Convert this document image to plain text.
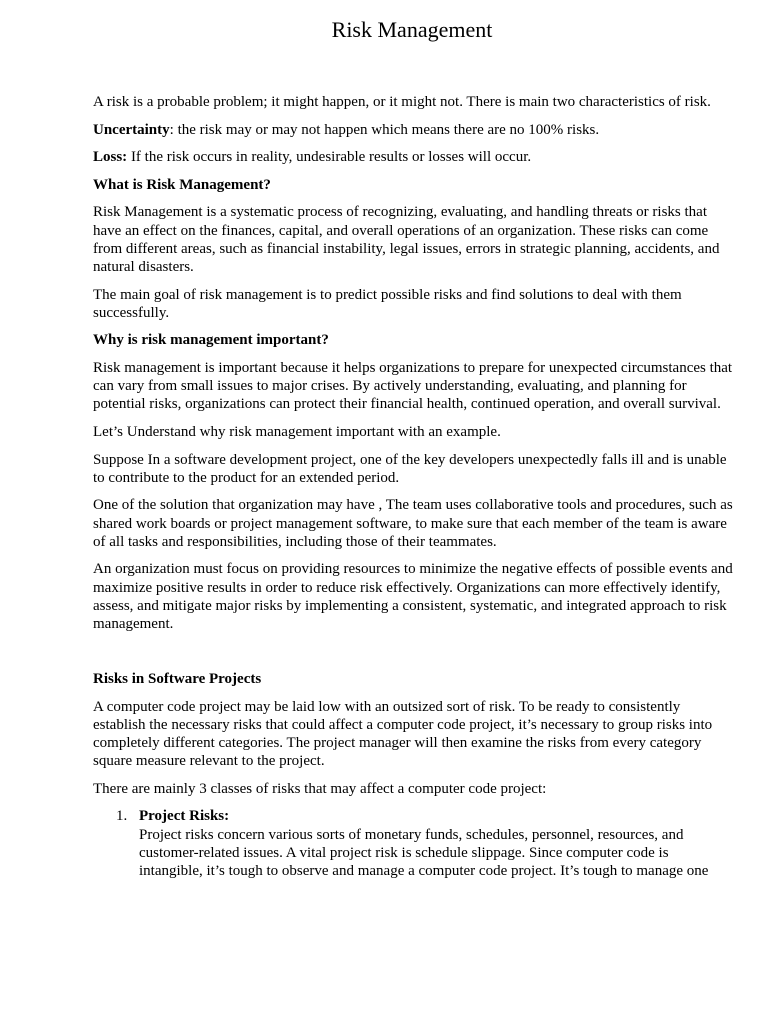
Risk Management

A risk is a probable problem; it might happen, or it might not. There is main two characteristics of risk.

Uncertainty: the risk may or may not happen which means there are no 100% risks.

Loss: If the risk occurs in reality, undesirable results or losses will occur.

What is Risk Management?

Risk Management is a systematic process of recognizing, evaluating, and handling threats or risks that have an effect on the finances, capital, and overall operations of an organization. These risks can come from different areas, such as financial instability, legal issues, errors in strategic planning, accidents, and natural disasters.

The main goal of risk management is to predict possible risks and find solutions to deal with them successfully.

Why is risk management important?

Risk management is important because it helps organizations to prepare for unexpected circumstances that can vary from small issues to major crises. By actively understanding, evaluating, and planning for potential risks, organizations can protect their financial health, continued operation, and overall survival.

Let’s Understand why risk management important with an example.

Suppose In a software development project, one of the key developers unexpectedly falls ill and is unable to contribute to the product for an extended period.

One of the solution that organization may have , The team uses collaborative tools and procedures, such as shared work boards or project management software, to make sure that each member of the team is aware of all tasks and responsibilities, including those of their teammates.

An organization must focus on providing resources to minimize the negative effects of possible events and maximize positive results in order to reduce risk effectively. Organizations can more effectively identify, assess, and mitigate major risks by implementing a consistent, systematic, and integrated approach to risk management.

Risks in Software Projects

A computer code project may be laid low with an outsized sort of risk. To be ready to consistently establish the necessary risks that could affect a computer code project, it’s necessary to group risks into completely different categories. The project manager will then examine the risks from every category square measure relevant to the project.

There are mainly 3 classes of risks that may affect a computer code project:

1. Project Risks:
Project risks concern various sorts of monetary funds, schedules, personnel, resources, and customer-related issues. A vital project risk is schedule slippage. Since computer code is intangible, it’s tough to observe and manage a computer code project. It’s tough to manage one
